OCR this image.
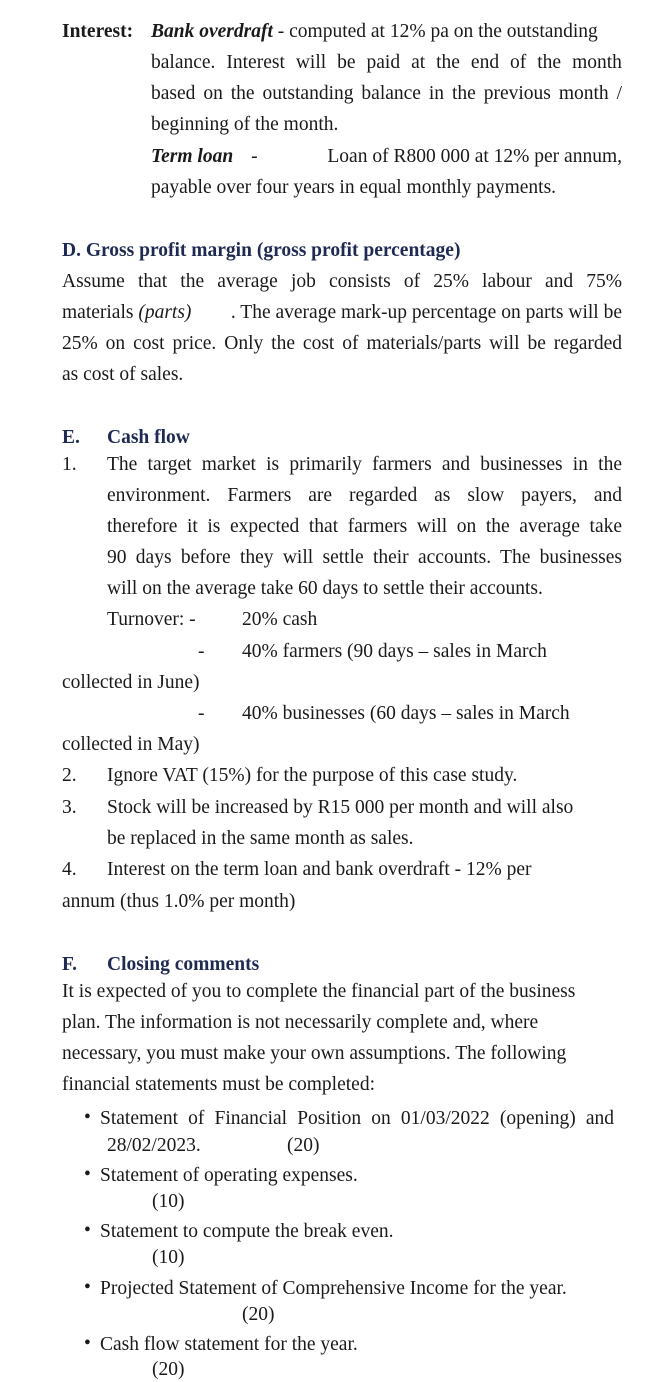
Interest: Bank overdraft - computed at 12% pa on the outstanding
balance. Interest will be paid at the end of the month
based on the outstanding balance in the previous month /
beginning of the month.
Term loan -	Loan of R800 000 at 12% per annum,
payable over four years in equal monthly payments.
D. Gross profit margin (gross profit percentage)
Assume that the average job consists of 25% labour and 75%
materials
(parts) . The average mark-up percentage on parts will be
25% on cost price. Only the cost of materials/parts will be regarded
as cost of sales.
E. Cash flow
1. The target market is primarily farmers and businesses in the
environment. Farmers are regarded as slow payers, and
therefore it is expected that farmers will on the average take
90 days before they will settle their accounts. The businesses
will on the average take 60 days to settle their accounts.
Turnover: - 20% cash
- 40% farmers (90 days – sales in March
collected in June)
- 40% businesses (60 days – sales in March
collected in May)
2. Ignore VAT (15%) for the purpose of this case study.
3. Stock will be increased by R15 000 per month and will also
be replaced in the same month as sales.
4. Interest on the term loan and bank overdraft - 12% per
annum (thus 1.0% per month)
F. Closing comments
It is expected of you to complete the financial part of the business
plan. The information is not necessarily complete and, where
necessary, you must make your own assumptions. The following
financial statements must be completed:
• Statement of Financial Position on 01/03/2022 (opening) and
28/02/2023.	(20)
• Statement of operating expenses.
(10)
• Statement to compute the break even.
(10)
• Projected Statement of Comprehensive Income for the year.
(20)
• Cash flow statement for the year.
(20)
